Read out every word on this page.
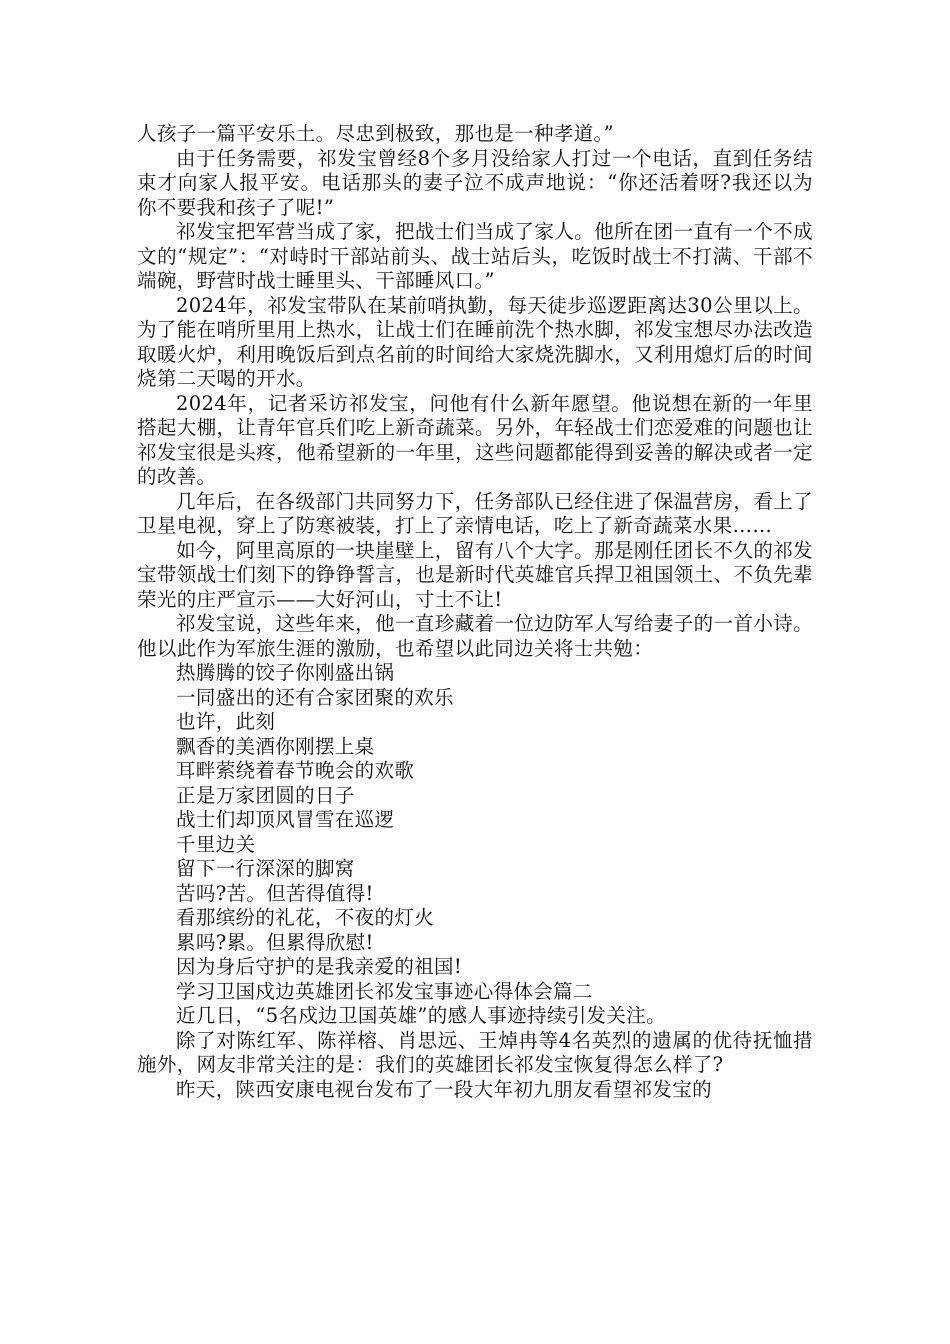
人孩子一篇平安乐土。尽忠到极致，那也是一种孝道。”

由于任务需要，祁发宝曾经8个多月没给家人打过一个电话，直到任务结束才向家人报平安。电话那头的妻子泣不成声地说：“你还活着呀?我还以为你不要我和孩子了呢!”

祁发宝把军营当成了家，把战士们当成了家人。他所在团一直有一个不成文的“规定”：“对峙时干部站前头、战士站后头，吃饭时战士不打满、干部不端碗，野营时战士睡里头、干部睡风口。”

2024年，祁发宝带队在某前哨执勤，每天徒步巡逻距离达30公里以上。为了能在哨所里用上热水，让战士们在睡前洗个热水脚，祁发宝想尽办法改造取暖火炉，利用晚饭后到点名前的时间给大家烧洗脚水，又利用熄灯后的时间烧第二天喝的开水。

2024年，记者采访祁发宝，问他有什么新年愿望。他说想在新的一年里搭起大棚，让青年官兵们吃上新奇蔬菜。另外，年轻战士们恋爱难的问题也让祁发宝很是头疼，他希望新的一年里，这些问题都能得到妥善的解决或者一定的改善。

几年后，在各级部门共同努力下，任务部队已经住进了保温营房，看上了卫星电视，穿上了防寒被装，打上了亲情电话，吃上了新奇蔬菜水果……

如今，阿里高原的一块崖壁上，留有八个大字。那是刚任团长不久的祁发宝带领战士们刻下的铮铮誓言，也是新时代英雄官兵捍卫祖国领土、不负先辈荣光的庄严宣示——大好河山，寸土不让!

祁发宝说，这些年来，他一直珍藏着一位边防军人写给妻子的一首小诗。他以此作为军旅生涯的激励，也希望以此同边关将士共勉：

热腾腾的饺子你刚盛出锅

一同盛出的还有合家团聚的欢乐

也许，此刻

飘香的美酒你刚摆上桌

耳畔萦绕着春节晚会的欢歌

正是万家团圆的日子

战士们却顶风冒雪在巡逻

千里边关

留下一行深深的脚窝

苦吗?苦。但苦得值得!

看那缤纷的礼花，不夜的灯火

累吗?累。但累得欣慰!

因为身后守护的是我亲爱的祖国!

学习卫国戍边英雄团长祁发宝事迹心得体会篇二

近几日，“5名戍边卫国英雄”的感人事迹持续引发关注。

除了对陈红军、陈祥榕、肖思远、王焯冉等4名英烈的遗属的优待抚恤措施外，网友非常关注的是：我们的英雄团长祁发宝恢复得怎么样了?

昨天，陕西安康电视台发布了一段大年初九朋友看望祁发宝的
